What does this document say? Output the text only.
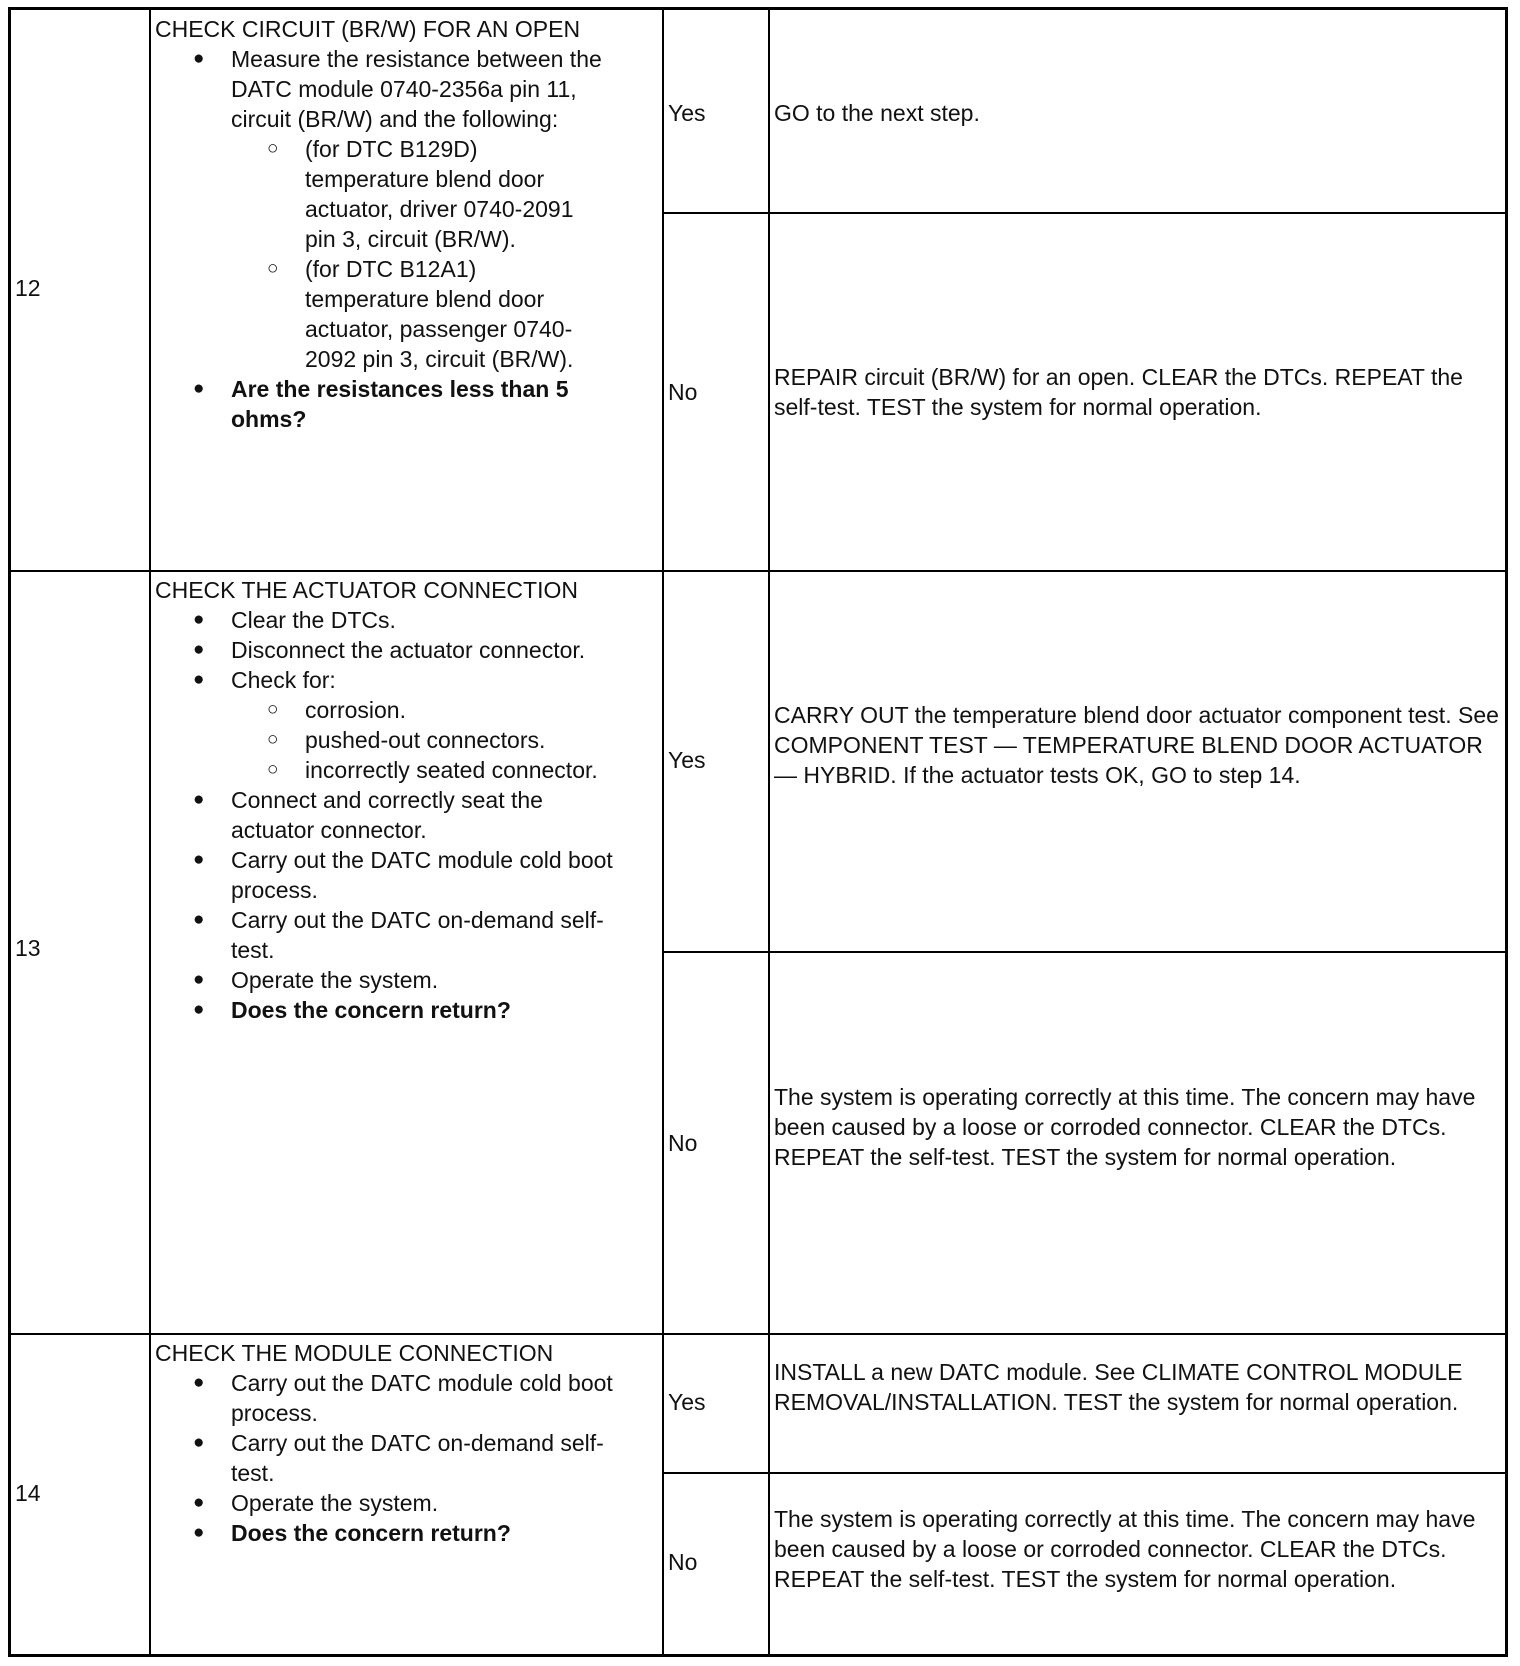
12

CHECK CIRCUIT (BR/W) FOR AN OPEN

● Measure the resistance between the DATC module 0740-2356a pin 11, circuit (BR/W) and the following:

○ (for DTC B129D) temperature blend door actuator, driver 0740-2091 pin 3, circuit (BR/W).

○ (for DTC B12A1) temperature blend door actuator, passenger 0740-2092 pin 3, circuit (BR/W).

● Are the resistances less than 5 ohms?

Yes	GO to the next step.
No
REPAIR circuit (BR/W) for an open. CLEAR the DTCs. REPEAT the self-test. TEST the system for normal operation.
13

CHECK THE ACTUATOR CONNECTION

● Clear the DTCs.

● Disconnect the actuator connector.

● Check for:

○ corrosion.

○ pushed-out connectors.

○ incorrectly seated connector.

● Connect and correctly seat the actuator connector.

● Carry out the DATC module cold boot process.

● Carry out the DATC on-demand self-test.

● Operate the system.

● Does the concern return?

Yes
CARRY OUT the temperature blend door actuator component test. See COMPONENT TEST — TEMPERATURE BLEND DOOR ACTUATOR — HYBRID. If the actuator tests OK, GO to step 14.
No
The system is operating correctly at this time. The concern may have been caused by a loose or corroded connector. CLEAR the DTCs. REPEAT the self-test. TEST the system for normal operation.
14

CHECK THE MODULE CONNECTION

● Carry out the DATC module cold boot process.

● Carry out the DATC on-demand self-test.

● Operate the system.

● Does the concern return?

Yes
INSTALL a new DATC module. See CLIMATE CONTROL MODULE REMOVAL/INSTALLATION. TEST the system for normal operation.
No
The system is operating correctly at this time. The concern may have been caused by a loose or corroded connector. CLEAR the DTCs. REPEAT the self-test. TEST the system for normal operation.
